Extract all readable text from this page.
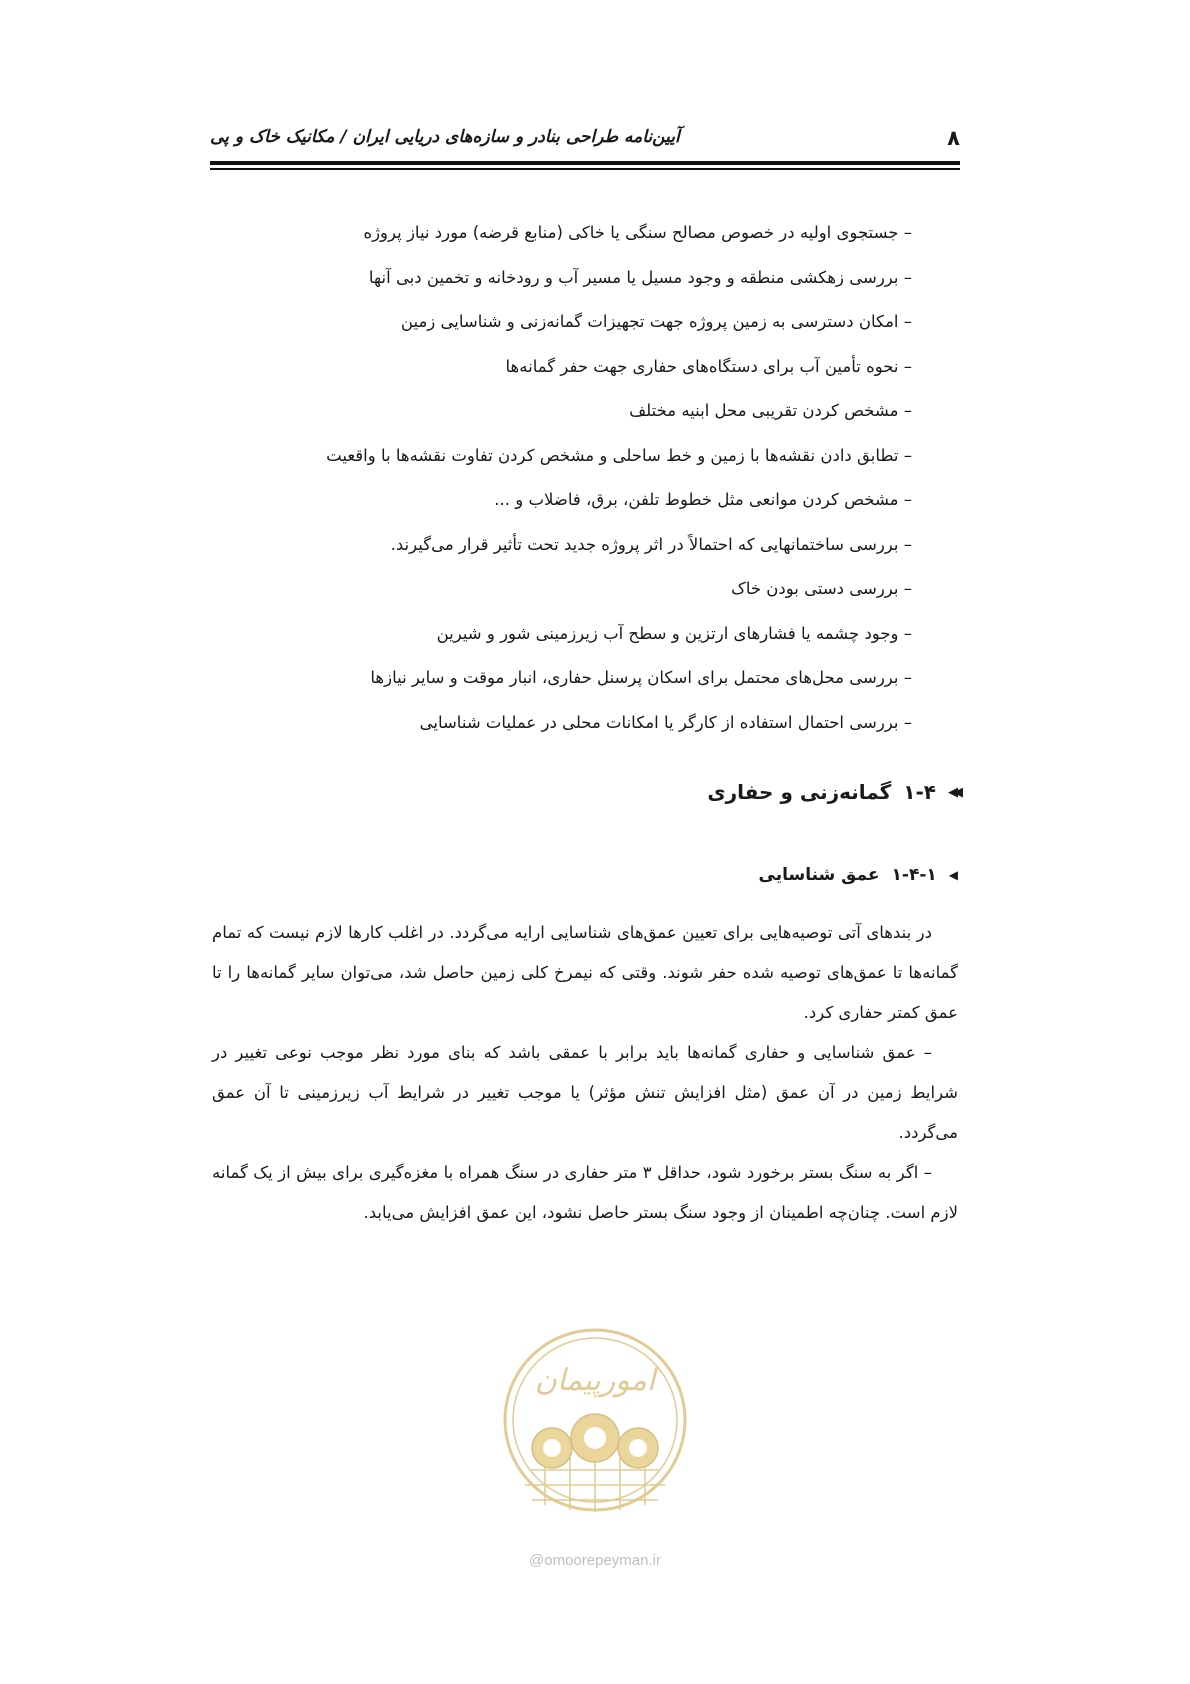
۸
آیین‌نامه طراحی بنادر و سازه‌های دریایی ایران / مکانیک خاک و پی
– جستجوی اولیه در خصوص مصالح سنگی یا خاکی (منابع قرضه) مورد نیاز پروژه
– بررسی زهکشی منطقه و وجود مسیل یا مسیر آب و رودخانه و تخمین دبی آنها
– امکان دسترسی به زمین پروژه جهت تجهیزات گمانه‌زنی و شناسایی زمین
– نحوه تأمین آب برای دستگاه‌های حفاری جهت حفر گمانه‌ها
– مشخص کردن تقریبی محل ابنیه مختلف
– تطابق دادن نقشه‌ها با زمین و خط ساحلی و مشخص کردن تفاوت نقشه‌ها با واقعیت
– مشخص کردن موانعی مثل خطوط تلفن، برق، فاضلاب و ...
– بررسی ساختمانهایی که احتمالاً در اثر پروژه جدید تحت تأثیر قرار می‌گیرند.
– بررسی دستی بودن خاک
– وجود چشمه یا فشارهای ارتزین و سطح آب زیرزمینی شور و شیرین
– بررسی محل‌های محتمل برای اسکان پرسنل حفاری، انبار موقت و سایر نیازها
– بررسی احتمال استفاده از کارگر یا امکانات محلی در عملیات شناسایی
◀◀
۱-۴
گمانه‌زنی و حفاری
◀
۱-۴-۱
عمق شناسایی

در بندهای آتی توصیه‌هایی برای تعیین عمق‌های شناسایی ارایه می‌گردد. در اغلب کارها لازم نیست که تمام گمانه‌ها تا عمق‌های توصیه شده حفر شوند. وقتی که نیمرخ کلی زمین حاصل شد، می‌توان سایر گمانه‌ها را تا عمق کمتر حفاری کرد.

– عمق شناسایی و حفاری گمانه‌ها باید برابر با عمقی باشد که بنای مورد نظر موجب نوعی تغییر در شرایط زمین در آن عمق (مثل افزایش تنش مؤثر) یا موجب تغییر در شرایط آب زیرزمینی تا آن عمق می‌گردد.

– اگر به سنگ بستر برخورد شود، حداقل ۳ متر حفاری در سنگ همراه با مغزه‌گیری برای بیش از یک گمانه لازم است. چنان‌چه اطمینان از وجود سنگ بستر حاصل نشود، این عمق افزایش می‌یابد.

امورپیمان
@omoorepeyman.ir
